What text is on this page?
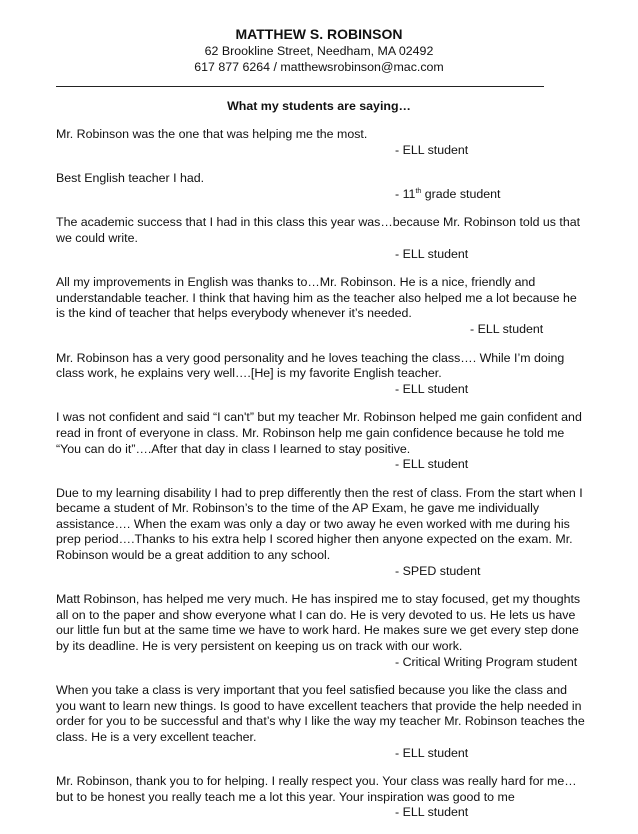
MATTHEW S. ROBINSON
62 Brookline Street, Needham, MA 02492
617 877 6264 / matthewsrobinson@mac.com
What my students are saying…
Mr. Robinson was the one that was helping me the most.
- ELL student
Best English teacher I had.
- 11th grade student
The academic success that I had in this class this year was…because Mr. Robinson told us that we could write.
- ELL student
All my improvements in English was thanks to…Mr. Robinson. He is a nice, friendly and understandable teacher. I think that having him as the teacher also helped me a lot because he is the kind of teacher that helps everybody whenever it’s needed.
- ELL student
Mr. Robinson has a very good personality and he loves teaching the class…. While I’m doing class work, he explains very well….[He] is my favorite English teacher.
- ELL student
I was not confident and said “I can't” but my teacher Mr. Robinson helped me gain confident and read in front of everyone in class. Mr. Robinson help me gain confidence because he told me “You can do it”….After that day in class I learned to stay positive.
- ELL student
Due to my learning disability I had to prep differently then the rest of class. From the start when I became a student of Mr. Robinson’s to the time of the AP Exam, he gave me individually assistance…. When the exam was only a day or two away he even worked with me during his prep period….Thanks to his extra help I scored higher then anyone expected on the exam. Mr. Robinson would be a great addition to any school.
- SPED student
Matt Robinson, has helped me very much. He has inspired me to stay focused, get my thoughts all on to the paper and show everyone what I can do. He is very devoted to us. He lets us have our little fun but at the same time we have to work hard. He makes sure we get every step done by its deadline. He is very persistent on keeping us on track with our work.
- Critical Writing Program student
When you take a class is very important that you feel satisfied because you like the class and you want to learn new things. Is good to have excellent teachers that provide the help needed in order for you to be successful and that’s why I like the way my teacher Mr. Robinson teaches the class. He is a very excellent teacher.
- ELL student
Mr. Robinson, thank you to for helping. I really respect you. Your class was really hard for me…but to be honest you really teach me a lot this year. Your inspiration was good to me
- ELL student
